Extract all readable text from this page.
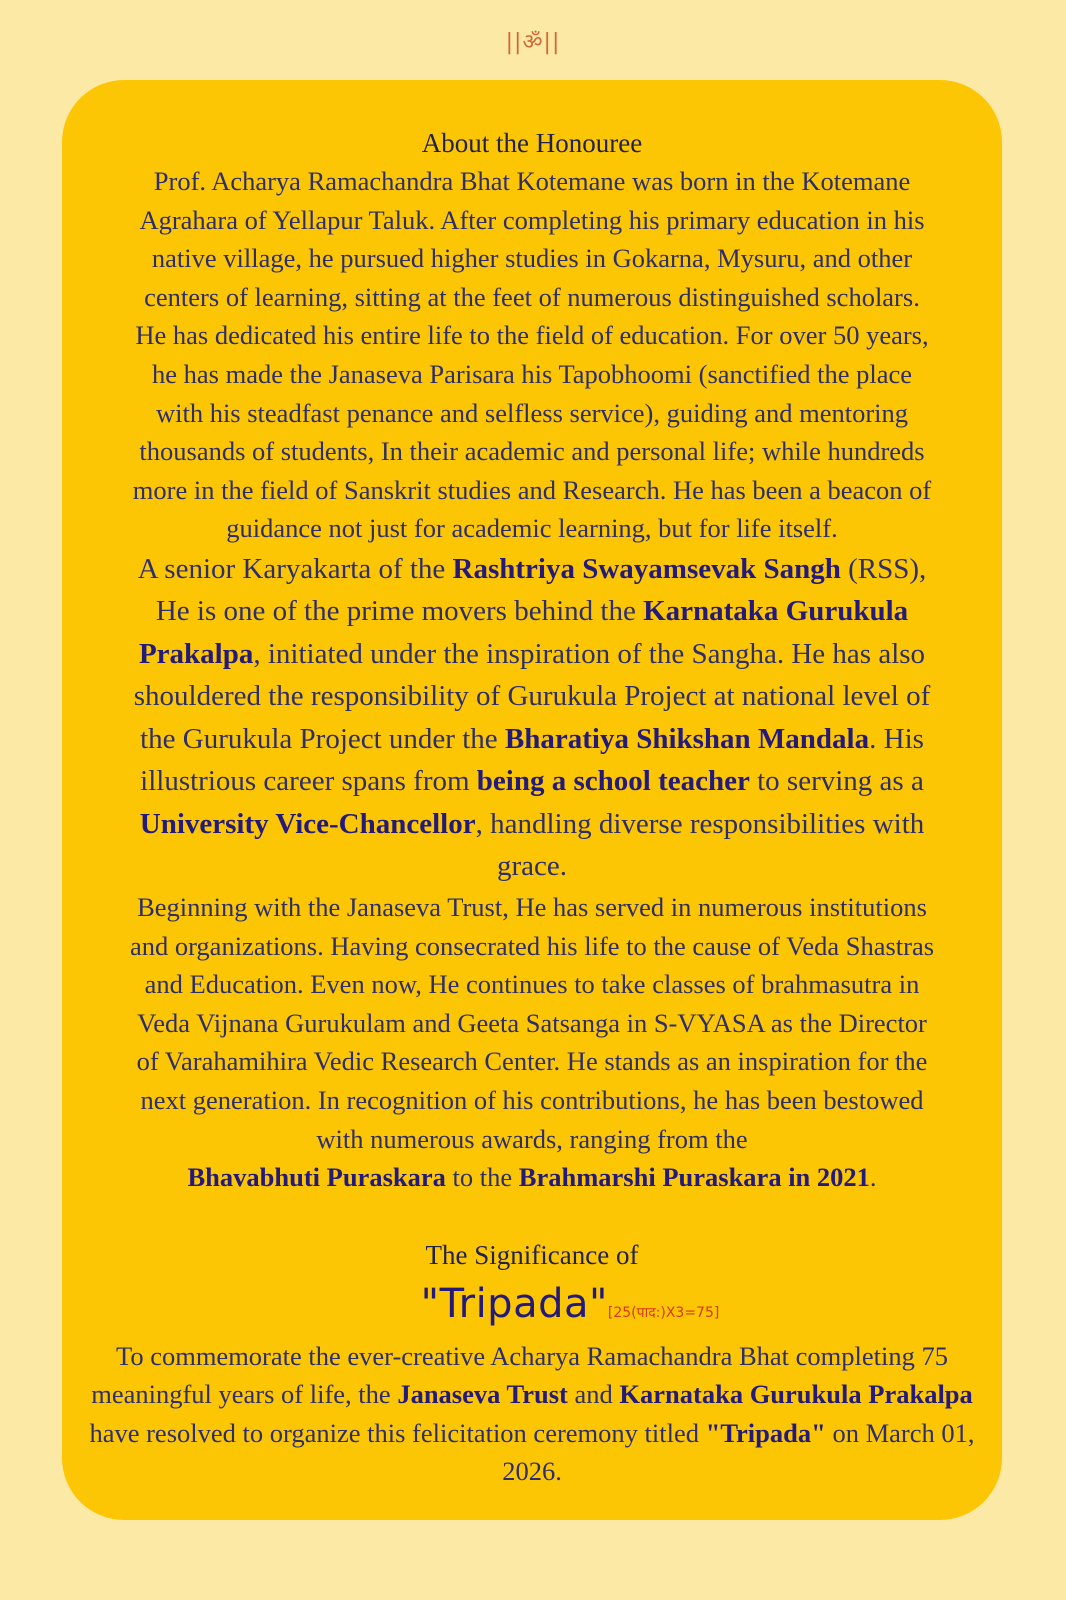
||ॐ||
About the Honouree
Prof. Acharya Ramachandra Bhat Kotemane was born in the Kotemane
Agrahara of Yellapur Taluk. After completing his primary education in his
native village, he pursued higher studies in Gokarna, Mysuru, and other
centers of learning, sitting at the feet of numerous distinguished scholars.
He has dedicated his entire life to the field of education. For over 50 years,
he has made the Janaseva Parisara his Tapobhoomi (sanctified the place
with his steadfast penance and selfless service), guiding and mentoring
thousands of students, In their academic and personal life; while hundreds
more in the field of Sanskrit studies and Research. He has been a beacon of
guidance not just for academic learning, but for life itself.

A senior Karyakarta of the Rashtriya Swayamsevak Sangh (RSS), He is one of the prime movers behind the Karnataka Gurukula Prakalpa, initiated under the inspiration of the Sangha. He has also shouldered the responsibility of Gurukula Project at national level of the Gurukula Project under the Bharatiya Shikshan Mandala. His illustrious career spans from being a school teacher to serving as a University Vice-Chancellor, handling diverse responsibilities with grace.

Beginning with the Janaseva Trust, He has served in numerous institutions
and organizations. Having consecrated his life to the cause of Veda Shastras
and Education. Even now, He continues to take classes of brahmasutra in
Veda Vijnana Gurukulam and Geeta Satsanga in S-VYASA as the Director
of Varahamihira Vedic Research Center. He stands as an inspiration for the
next generation. In recognition of his contributions, he has been bestowed
with numerous awards, ranging from the
Bhavabhuti Puraskara to the Brahmarshi Puraskara in 2021.
The Significance of
"Tripada"[25(पाद:)X3=75]

To commemorate the ever-creative Acharya Ramachandra Bhat completing 75 meaningful years of life, the Janaseva Trust and Karnataka Gurukula Prakalpa have resolved to organize this felicitation ceremony titled "Tripada" on March 01, 2026.
